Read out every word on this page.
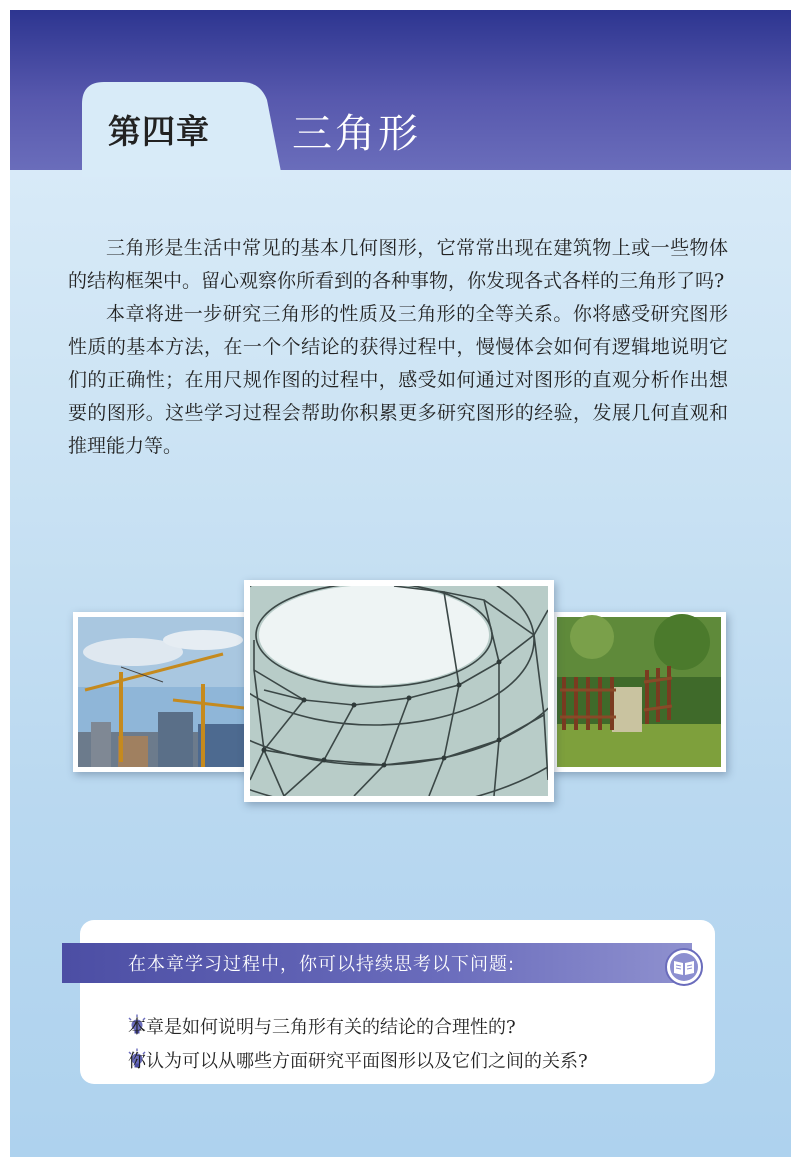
第四章 三角形

三角形是生活中常见的基本几何图形，它常常出现在建筑物上或一些物体的结构框架中。留心观察你所看到的各种事物，你发现各式各样的三角形了吗?

本章将进一步研究三角形的性质及三角形的全等关系。你将感受研究图形性质的基本方法，在一个个结论的获得过程中，慢慢体会如何有逻辑地说明它们的正确性；在用尺规作图的过程中，感受如何通过对图形的直观分析作出想要的图形。这些学习过程会帮助你积累更多研究图形的经验，发展几何直观和推理能力等。

在本章学习过程中，你可以持续思考以下问题:
本章是如何说明与三角形有关的结论的合理性的?
你认为可以从哪些方面研究平面图形以及它们之间的关系?
